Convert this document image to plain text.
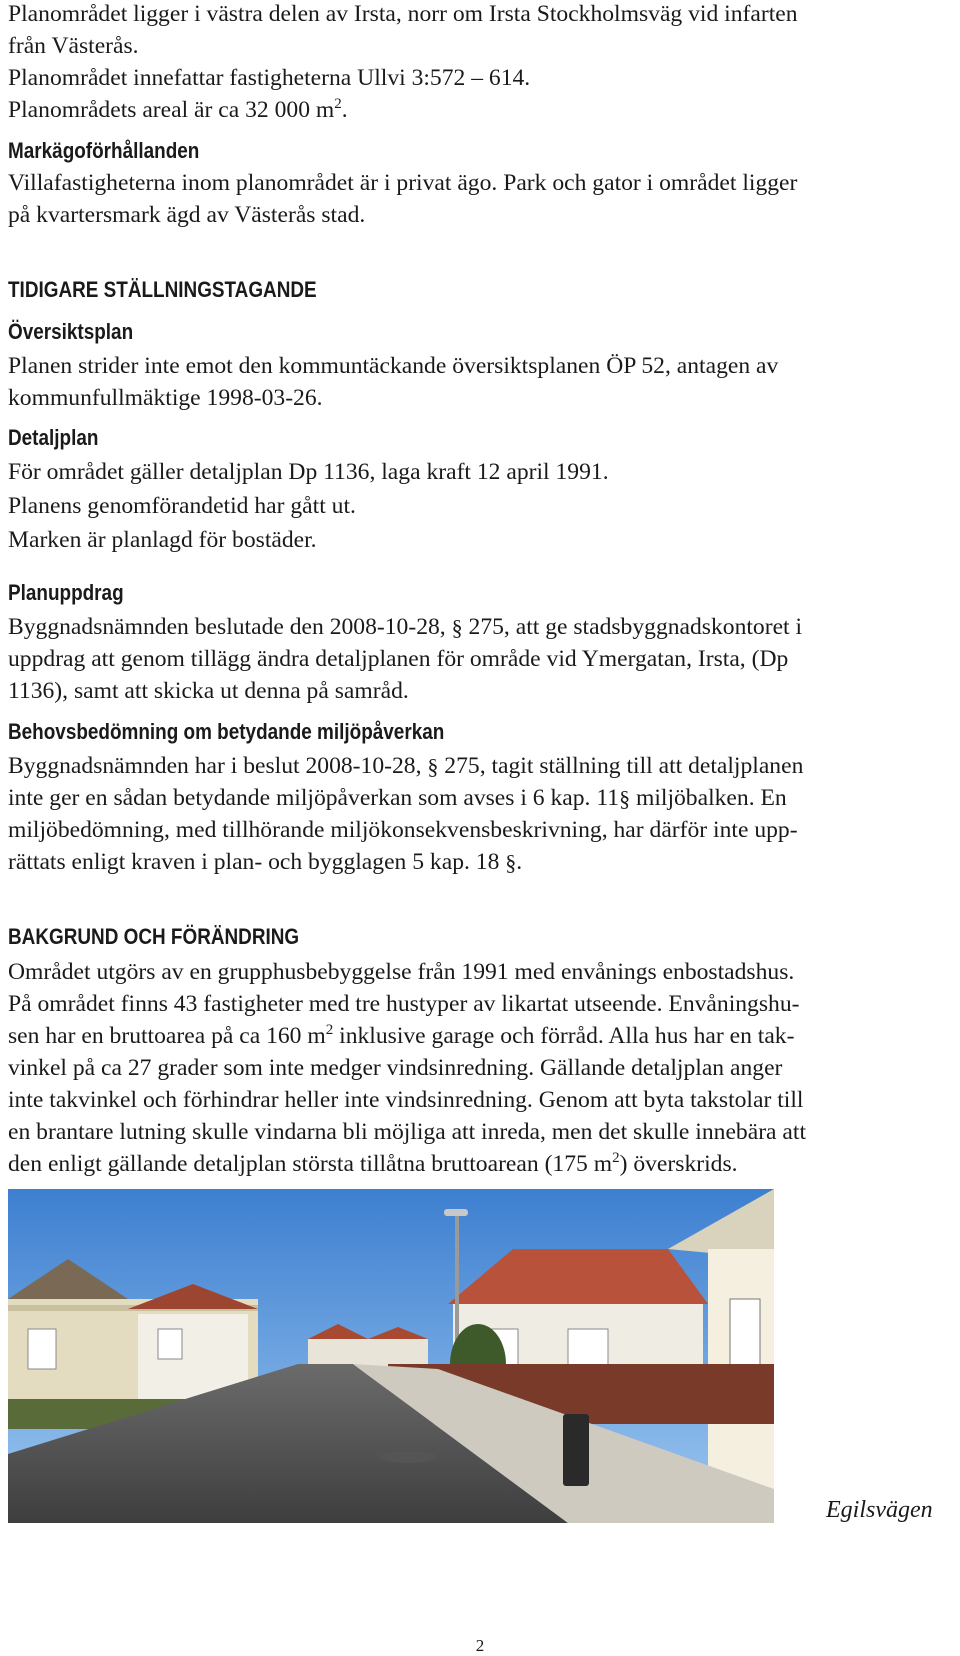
Planområdet ligger i västra delen av Irsta, norr om Irsta Stockholmsväg vid infarten

från Västerås.

Planområdet innefattar fastigheterna Ullvi 3:572 – 614.

Planområdets areal är ca 32 000 $m^2$.

Markägoförhållanden

Villafastigheterna inom planområdet är i privat ägo. Park och gator i området ligger

på kvartersmark ägd av Västerås stad.

TIDIGARE STÄLLNINGSTAGANDE
Översiktsplan

Planen strider inte emot den kommuntäckande översiktsplanen ÖP 52, antagen av

kommunfullmäktige 1998-03-26.

Detaljplan

För området gäller detaljplan Dp 1136, laga kraft 12 april 1991.

Planens genomförandetid har gått ut.

Marken är planlagd för bostäder.

Planuppdrag

Byggnadsnämnden beslutade den 2008-10-28, § 275, att ge stadsbyggnadskontoret i

uppdrag att genom tillägg ändra detaljplanen för område vid Ymergatan, Irsta, (Dp

1136), samt att skicka ut denna på samråd.

Behovsbedömning om betydande miljöpåverkan

Byggnadsnämnden har i beslut 2008-10-28, § 275, tagit ställning till att detaljplanen

inte ger en sådan betydande miljöpåverkan som avses i 6 kap. 11§ miljöbalken. En

miljöbedömning, med tillhörande miljökonsekvensbeskrivning, har därför inte upp-

rättats enligt kraven i plan- och bygglagen 5 kap. 18 §.

BAKGRUND OCH FÖRÄNDRING

Området utgörs av en grupphusbebyggelse från 1991 med envånings enbostadshus.

På området finns 43 fastigheter med tre hustyper av likartat utseende. Envåningshu-

sen har en bruttoarea på ca 160 $m^2$ inklusive garage och förråd. Alla hus har en tak-

vinkel på ca 27 grader som inte medger vindsinredning. Gällande detaljplan anger

inte takvinkel och förhindrar heller inte vindsinredning. Genom att byta takstolar till

en brantare lutning skulle vindarna bli möjliga att inreda, men det skulle innebära att

den enligt gällande detaljplan största tillåtna bruttoarean (175 $m^2$) överskrids.

Egilsvägen
2
